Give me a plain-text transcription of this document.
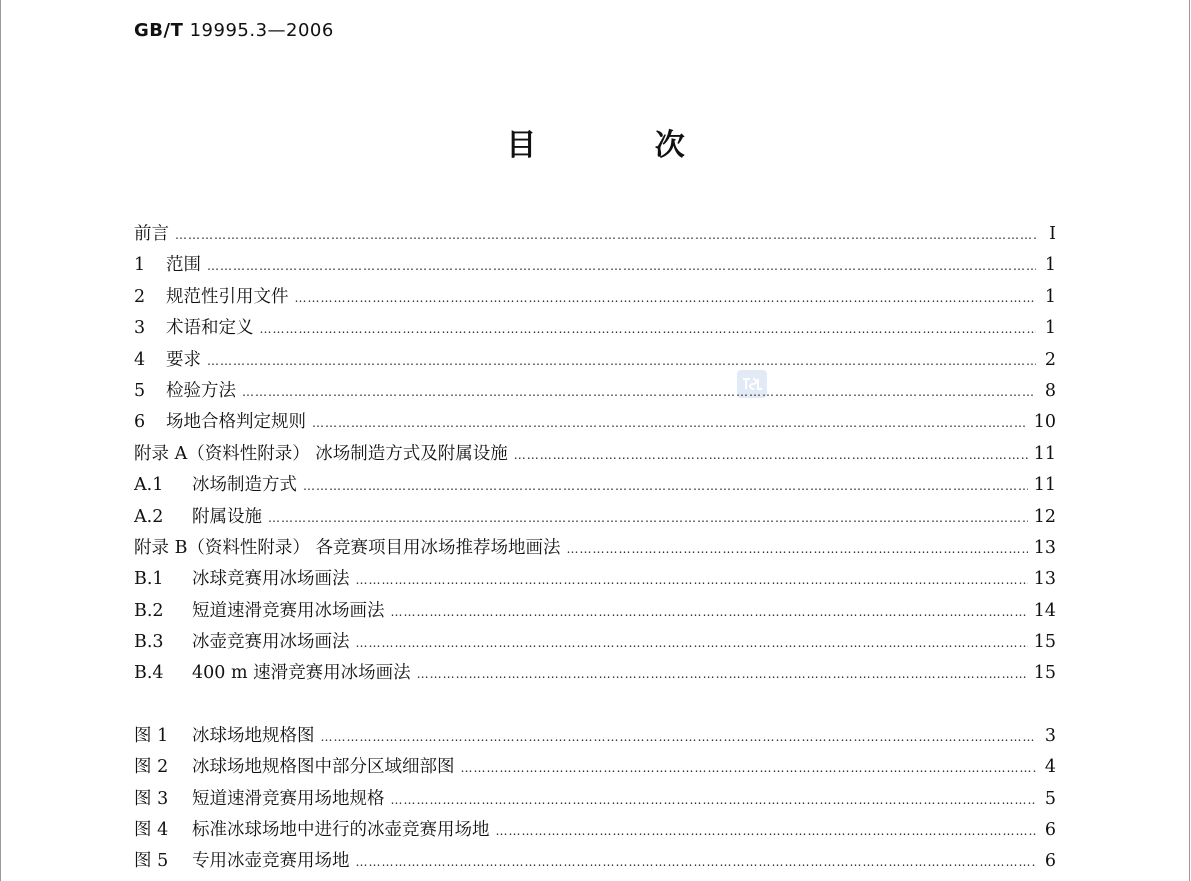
GB/T 19995.3—2006
目 次
前言 ……………………………………………………………………………………………………………………………………………………………………………………………………………………………………………………………………………………………………………	Ⅰ
1 范围 ……………………………………………………………………………………………………………………………………………………………………………………………………………………………………………………………………………………………………………	1
2 规范性引用文件 ……………………………………………………………………………………………………………………………………………………………………………………………………………………………………………………………………………………………………………	1
3 术语和定义 ……………………………………………………………………………………………………………………………………………………………………………………………………………………………………………………………………………………………………………	1
4 要求 ……………………………………………………………………………………………………………………………………………………………………………………………………………………………………………………………………………………………………………	2
5 检验方法 ……………………………………………………………………………………………………………………………………………………………………………………………………………………………………………………………………………………………………………	8
6 场地合格判定规则 ……………………………………………………………………………………………………………………………………………………………………………………………………………………………………………………………………………………………………………	10
附录 A（资料性附录） 冰场制造方式及附属设施 ……………………………………………………………………………………………………………………………………………………………………………………………………………………………………………………………………………………………………………	11
A.1 冰场制造方式 ……………………………………………………………………………………………………………………………………………………………………………………………………………………………………………………………………………………………………………	11
A.2 附属设施 ……………………………………………………………………………………………………………………………………………………………………………………………………………………………………………………………………………………………………………	12
附录 B（资料性附录） 各竞赛项目用冰场推荐场地画法 ……………………………………………………………………………………………………………………………………………………………………………………………………………………………………………………………………………………………………………	13
B.1 冰球竞赛用冰场画法 ……………………………………………………………………………………………………………………………………………………………………………………………………………………………………………………………………………………………………………	13
B.2 短道速滑竞赛用冰场画法 ……………………………………………………………………………………………………………………………………………………………………………………………………………………………………………………………………………………………………………	14
B.3 冰壶竞赛用冰场画法 ……………………………………………………………………………………………………………………………………………………………………………………………………………………………………………………………………………………………………………	15
B.4 400 m 速滑竞赛用冰场画法 ……………………………………………………………………………………………………………………………………………………………………………………………………………………………………………………………………………………………………………	15
图 1 冰球场地规格图 ……………………………………………………………………………………………………………………………………………………………………………………………………………………………………………………………………………………………………………	3
图 2 冰球场地规格图中部分区域细部图 ……………………………………………………………………………………………………………………………………………………………………………………………………………………………………………………………………………………………………………	4
图 3 短道速滑竞赛用场地规格 ……………………………………………………………………………………………………………………………………………………………………………………………………………………………………………………………………………………………………………	5
图 4 标准冰球场地中进行的冰壶竞赛用场地 ……………………………………………………………………………………………………………………………………………………………………………………………………………………………………………………………………………………………………………	6
图 5 专用冰壶竞赛用场地 ……………………………………………………………………………………………………………………………………………………………………………………………………………………………………………………………………………………………………………	6
